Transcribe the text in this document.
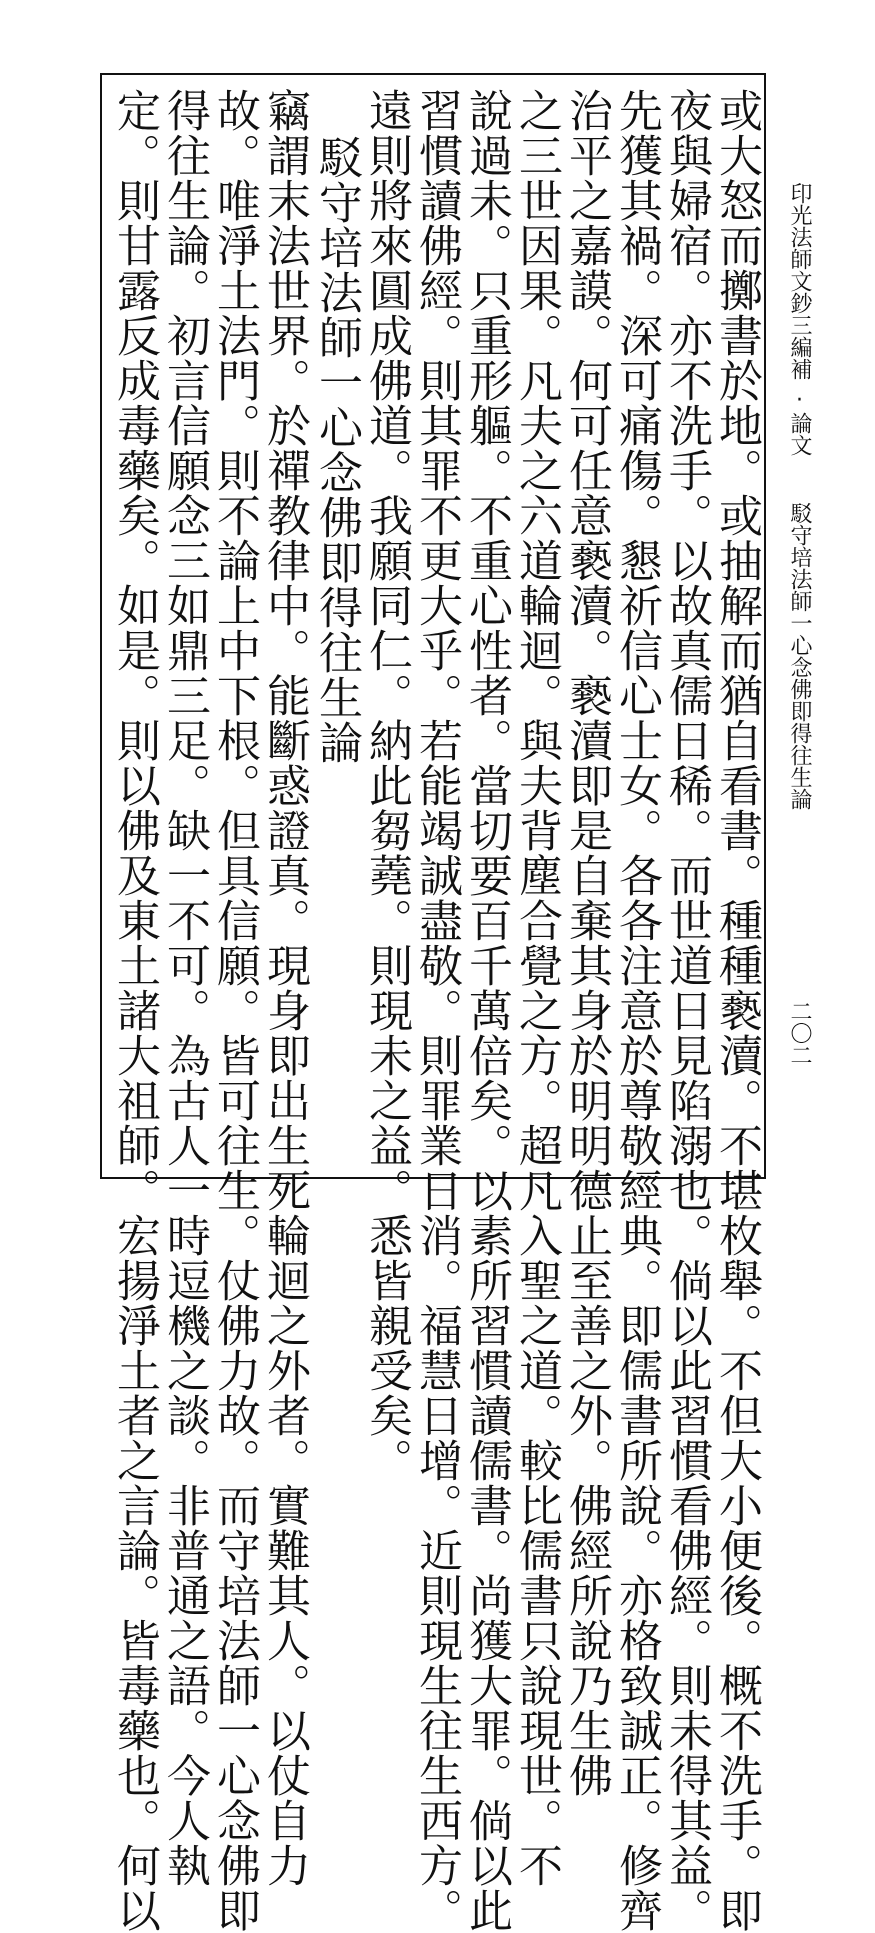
印光法師文鈔三編補
·
論文
駁守培法師一心念佛即得往生論
二〇二
或大怒而擲書於地。或抽解而猶自看書。種種褻瀆。不堪枚舉。不但大小便後。概不洗手。即
夜與婦宿。亦不洗手。以故真儒日稀。而世道日見陷溺也。倘以此習慣看佛經。則未得其益。
先獲其禍。深可痛傷。懇祈信心士女。各各注意於尊敬經典。即儒書所說。亦格致誠正。修齊
治平之嘉謨。何可任意褻瀆。褻瀆即是自棄其身於明明德止至善之外。佛經所說乃生佛
之三世因果。凡夫之六道輪迴。與夫背塵合覺之方。超凡入聖之道。較比儒書只說現世。不
說過未。只重形軀。不重心性者。當切要百千萬倍矣。以素所習慣讀儒書。尚獲大罪。倘以此
習慣讀佛經。則其罪不更大乎。若能竭誠盡敬。則罪業日消。福慧日增。近則現生往生西方。
遠則將來圓成佛道。我願同仁。納此芻蕘。則現未之益。悉皆親受矣。
駁守培法師一心念佛即得往生論
竊謂末法世界。於禪教律中。能斷惑證真。現身即出生死輪迴之外者。實難其人。以仗自力
故。唯淨土法門。則不論上中下根。但具信願。皆可往生。仗佛力故。而守培法師一心念佛即
得往生論。初言信願念三如鼎三足。缺一不可。為古人一時逗機之談。非普通之語。今人執
定。則甘露反成毒藥矣。如是。則以佛及東土諸大祖師。宏揚淨土者之言論。皆毒藥也。何以
